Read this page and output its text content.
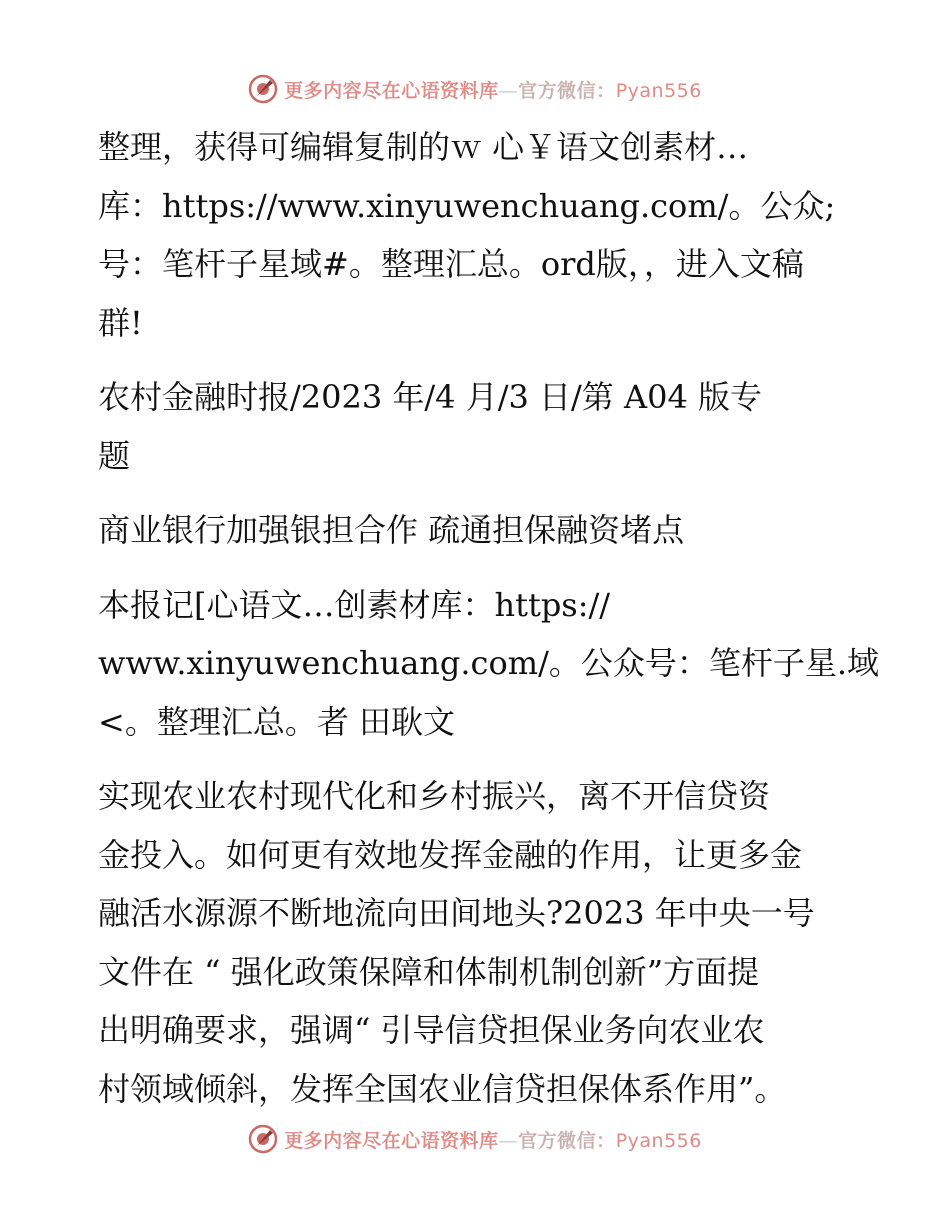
更多内容尽在心语资料库—官方微信：Pyan556

整理，获得可编辑复制的ｗ 心￥语文创素材…
库：https://www.xinyuwenchuang.com/。公众;
号：笔杆子星域#。整理汇总。ord版，，进入文稿
群!

农村金融时报/2023 年/4 月/3 日/第 A04 版专
题

商业银行加强银担合作 疏通担保融资堵点

本报记[心语文…创素材库：https://
www.xinyuwenchuang.com/。公众号：笔杆子星.域
<。整理汇总。者 田耿文

实现农业农村现代化和乡村振兴，离不开信贷资
金投入。如何更有效地发挥金融的作用，让更多金
融活水源源不断地流向田间地头?2023 年中央一号
文件在 “ 强化政策保障和体制机制创新”方面提
出明确要求，强调“ 引导信贷担保业务向农业农
村领域倾斜，发挥全国农业信贷担保体系作用”。

更多内容尽在心语资料库—官方微信：Pyan556
